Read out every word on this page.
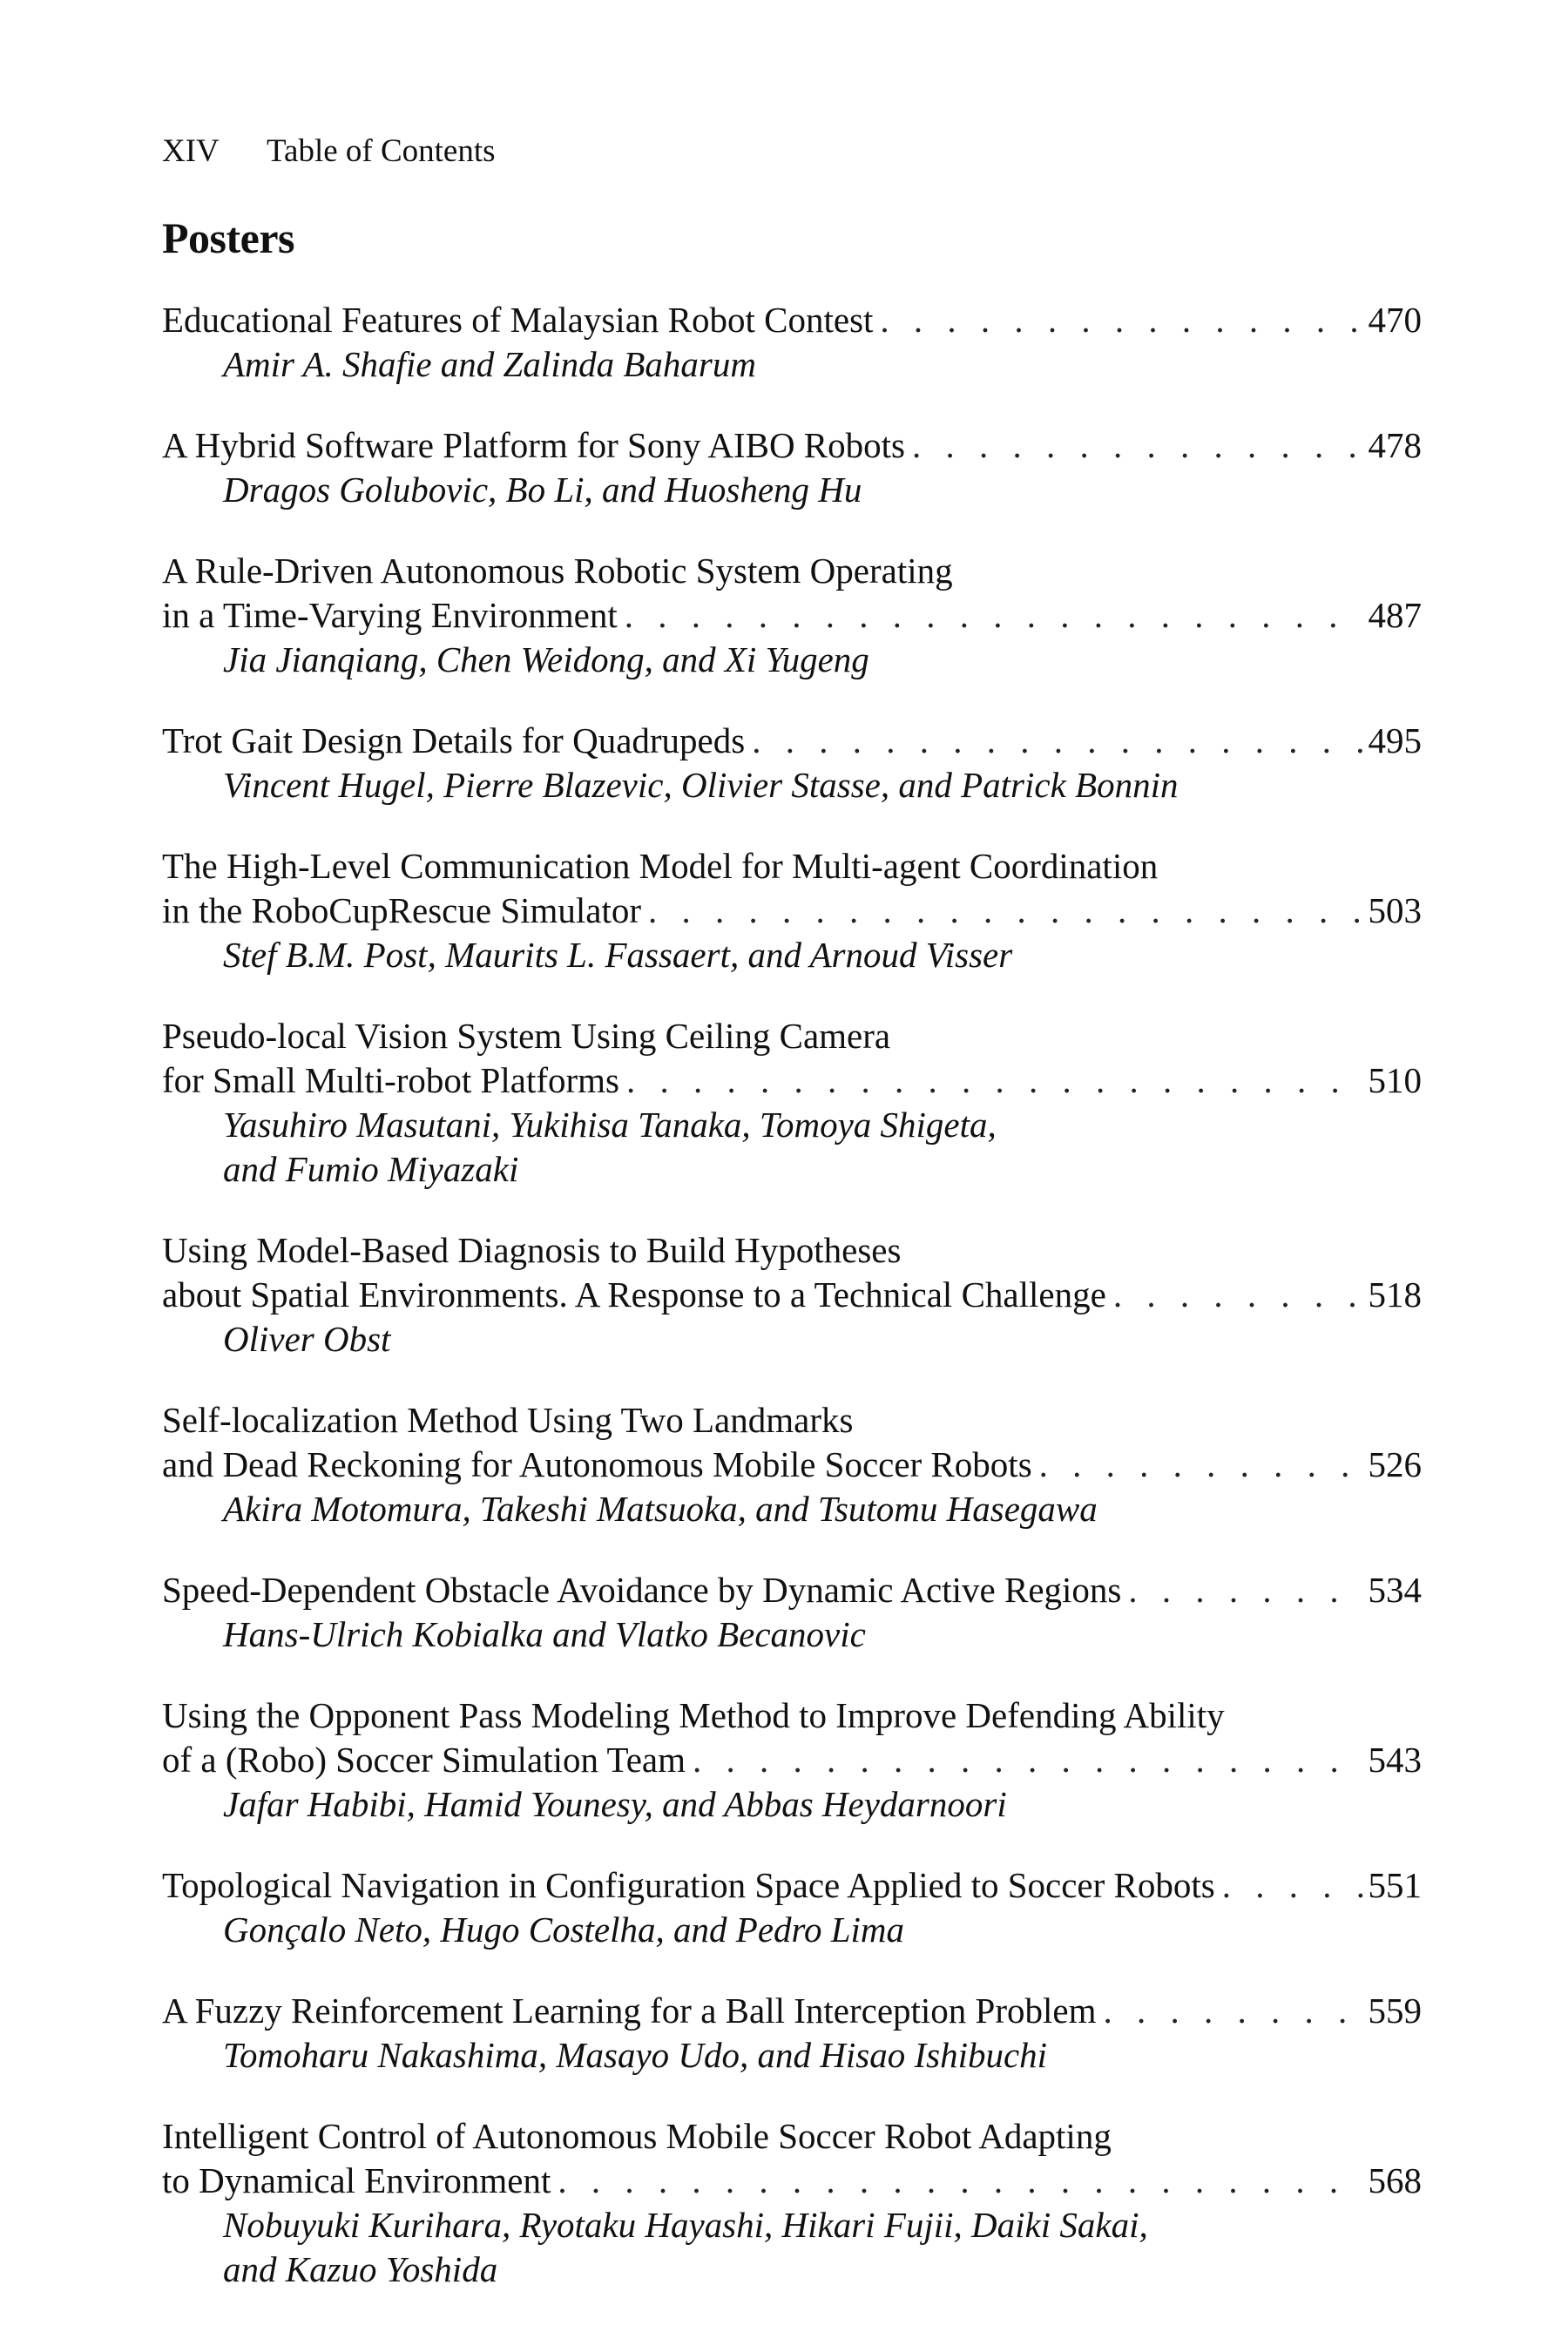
XIV Table of Contents
Posters
Educational Features of Malaysian Robot Contest . . .	470
Amir A. Shafie and Zalinda Baharum
A Hybrid Software Platform for Sony AIBO Robots . . .	478
Dragos Golubovic, Bo Li, and Huosheng Hu
A Rule-Driven Autonomous Robotic System Operating
in a Time-Varying Environment . . .	487
Jia Jianqiang, Chen Weidong, and Xi Yugeng
Trot Gait Design Details for Quadrupeds . . .	495
Vincent Hugel, Pierre Blazevic, Olivier Stasse, and Patrick Bonnin
The High-Level Communication Model for Multi-agent Coordination
in the RoboCupRescue Simulator . . .	503
Stef B.M. Post, Maurits L. Fassaert, and Arnoud Visser
Pseudo-local Vision System Using Ceiling Camera
for Small Multi-robot Platforms . . .	510
Yasuhiro Masutani, Yukihisa Tanaka, Tomoya Shigeta,
and Fumio Miyazaki
Using Model-Based Diagnosis to Build Hypotheses
about Spatial Environments. A Response to a Technical Challenge . . .	518
Oliver Obst
Self-localization Method Using Two Landmarks
and Dead Reckoning for Autonomous Mobile Soccer Robots . . .	526
Akira Motomura, Takeshi Matsuoka, and Tsutomu Hasegawa
Speed-Dependent Obstacle Avoidance by Dynamic Active Regions . . .	534
Hans-Ulrich Kobialka and Vlatko Becanovic
Using the Opponent Pass Modeling Method to Improve Defending Ability
of a (Robo) Soccer Simulation Team . . .	543
Jafar Habibi, Hamid Younesy, and Abbas Heydarnoori
Topological Navigation in Configuration Space Applied to Soccer Robots . . .	551
Gonçalo Neto, Hugo Costelha, and Pedro Lima
A Fuzzy Reinforcement Learning for a Ball Interception Problem . . .	559
Tomoharu Nakashima, Masayo Udo, and Hisao Ishibuchi
Intelligent Control of Autonomous Mobile Soccer Robot Adapting
to Dynamical Environment . . .	568
Nobuyuki Kurihara, Ryotaku Hayashi, Hikari Fujii, Daiki Sakai,
and Kazuo Yoshida
